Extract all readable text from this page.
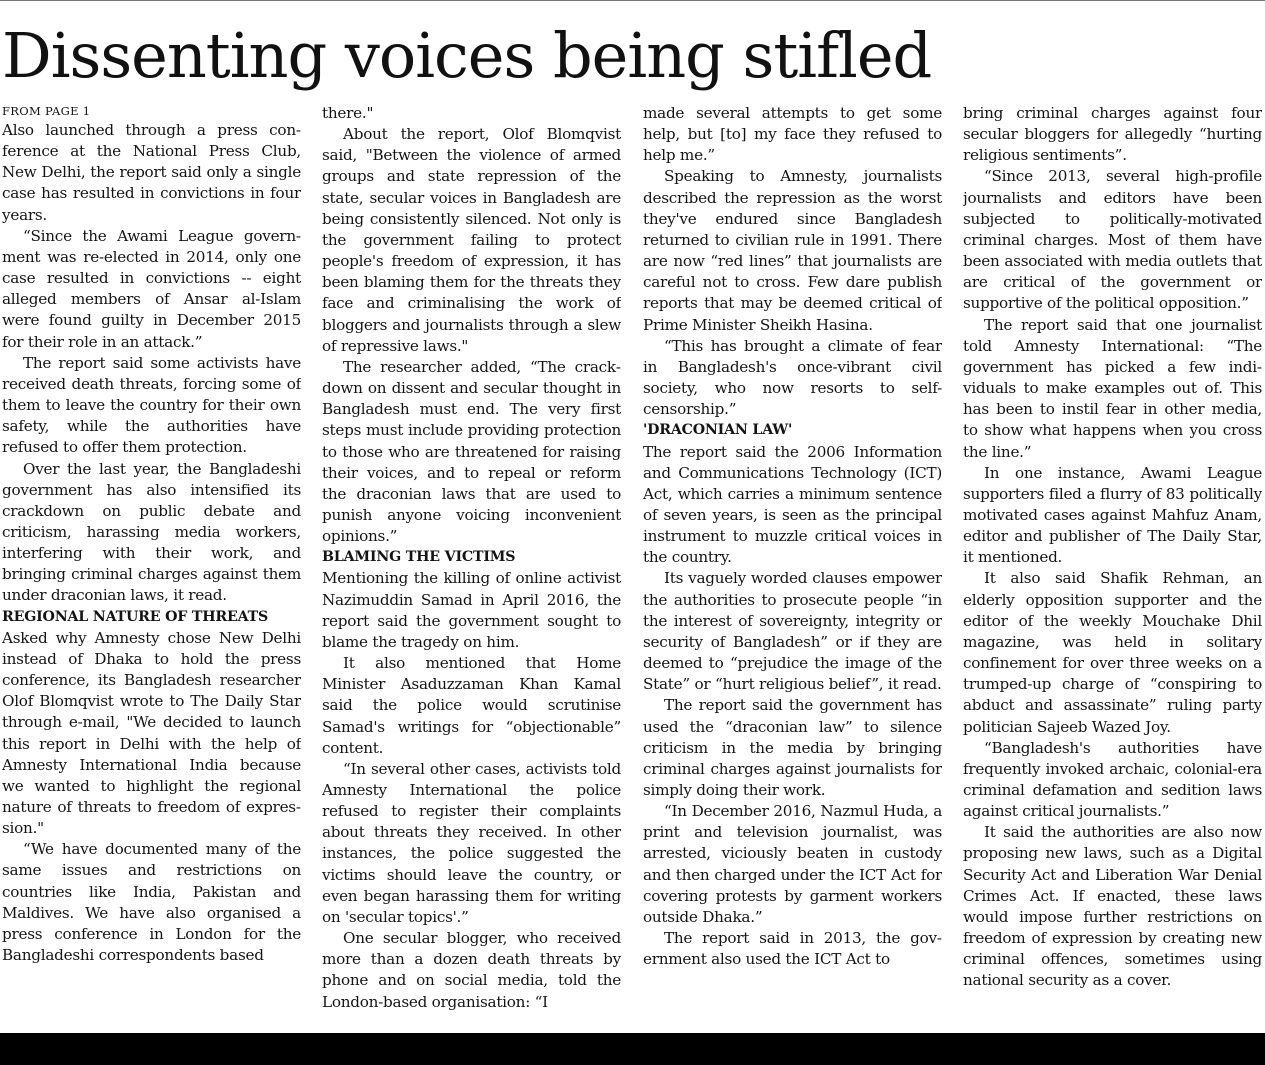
Dissenting voices being stifled
FROM PAGE 1

Also launched through a press conference at the National Press Club, New Delhi, the report said only a single case has resulted in convictions in four years.

“Since the Awami League government was re-elected in 2014, only one case resulted in convictions -- eight alleged members of Ansar al-Islam were found guilty in December 2015 for their role in an attack.”

The report said some activists have received death threats, forcing some of them to leave the country for their own safety, while the authorities have refused to offer them protection.

Over the last year, the Bangladeshi government has also intensified its crackdown on public debate and criticism, harassing media workers, interfering with their work, and bringing criminal charges against them under draconian laws, it read.

REGIONAL NATURE OF THREATS

Asked why Amnesty chose New Delhi instead of Dhaka to hold the press conference, its Bangladesh researcher Olof Blomqvist wrote to The Daily Star through e-mail, "We decided to launch this report in Delhi with the help of Amnesty International India because we wanted to highlight the regional nature of threats to freedom of expression."

“We have documented many of the same issues and restrictions on countries like India, Pakistan and Maldives. We have also organised a press conference in London for the Bangladeshi correspondents based

there."

About the report, Olof Blomqvist said, "Between the violence of armed groups and state repression of the state, secular voices in Bangladesh are being consistently silenced. Not only is the government failing to protect people's freedom of expression, it has been blaming them for the threats they face and criminalising the work of bloggers and journalists through a slew of repressive laws."

The researcher added, “The crackdown on dissent and secular thought in Bangladesh must end. The very first steps must include providing protection to those who are threatened for raising their voices, and to repeal or reform the draconian laws that are used to punish anyone voicing inconvenient opinions.”

BLAMING THE VICTIMS

Mentioning the killing of online activist Nazimuddin Samad in April 2016, the report said the government sought to blame the tragedy on him.

It also mentioned that Home Minister Asaduzzaman Khan Kamal said the police would scrutinise Samad's writings for “objectionable” content.

“In several other cases, activists told Amnesty International the police refused to register their complaints about threats they received. In other instances, the police suggested the victims should leave the country, or even began harassing them for writing on 'secular topics'.”

One secular blogger, who received more than a dozen death threats by phone and on social media, told the London-based organisation: “I

made several attempts to get some help, but [to] my face they refused to help me.”

Speaking to Amnesty, journalists described the repression as the worst they've endured since Bangladesh returned to civilian rule in 1991. There are now “red lines” that journalists are careful not to cross. Few dare publish reports that may be deemed critical of Prime Minister Sheikh Hasina.

“This has brought a climate of fear in Bangladesh's once-vibrant civil society, who now resorts to self-censorship.”

'DRACONIAN LAW'

The report said the 2006 Information and Communications Technology (ICT) Act, which carries a minimum sentence of seven years, is seen as the principal instrument to muzzle critical voices in the country.

Its vaguely worded clauses empower the authorities to prosecute people “in the interest of sovereignty, integrity or security of Bangladesh” or if they are deemed to “prejudice the image of the State” or “hurt religious belief”, it read.

The report said the government has used the “draconian law” to silence criticism in the media by bringing criminal charges against journalists for simply doing their work.

“In December 2016, Nazmul Huda, a print and television journalist, was arrested, viciously beaten in custody and then charged under the ICT Act for covering protests by garment workers outside Dhaka.”

The report said in 2013, the government also used the ICT Act to

bring criminal charges against four secular bloggers for allegedly “hurting religious sentiments”.

“Since 2013, several high-profile journalists and editors have been subjected to politically-motivated criminal charges. Most of them have been associated with media outlets that are critical of the government or supportive of the political opposition.”

The report said that one journalist told Amnesty International: “The government has picked a few individuals to make examples out of. This has been to instil fear in other media, to show what happens when you cross the line.”

In one instance, Awami League supporters filed a flurry of 83 politically motivated cases against Mahfuz Anam, editor and publisher of The Daily Star, it mentioned.

It also said Shafik Rehman, an elderly opposition supporter and the editor of the weekly Mouchake Dhil magazine, was held in solitary confinement for over three weeks on a trumped-up charge of “conspiring to abduct and assassinate” ruling party politician Sajeeb Wazed Joy.

“Bangladesh's authorities have frequently invoked archaic, colonial-era criminal defamation and sedition laws against critical journalists.”

It said the authorities are also now proposing new laws, such as a Digital Security Act and Liberation War Denial Crimes Act. If enacted, these laws would impose further restrictions on freedom of expression by creating new criminal offences, sometimes using national security as a cover.
